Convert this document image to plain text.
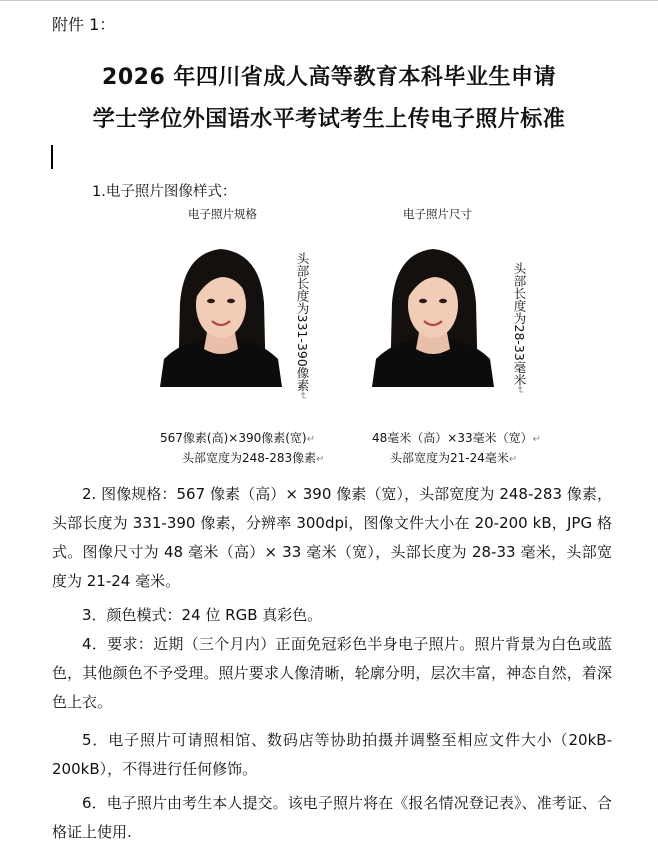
附件 1：
2026 年四川省成人高等教育本科毕业生申请
学士学位外国语水平考试考生上传电子照片标准
1.电子照片图像样式：
电子照片规格
头部长度为331-390像素↵
567像素(高)×390像素(宽)↵
头部宽度为248-283像素↵
电子照片尺寸
头部长度为28-33毫米↵
48毫米（高）×33毫米（宽）↵
头部宽度为21-24毫米↵
2. 图像规格：567 像素（高）× 390 像素（宽），头部宽度为 248-283 像素，头部长度为 331-390 像素，分辨率 300dpi，图像文件大小在 20-200 kB，JPG 格式。图像尺寸为 48 毫米（高）× 33 毫米（宽），头部长度为 28-33 毫米，头部宽度为 21-24 毫米。
3．颜色模式：24 位 RGB 真彩色。
4．要求：近期（三个月内）正面免冠彩色半身电子照片。照片背景为白色或蓝色，其他颜色不予受理。照片要求人像清晰，轮廓分明，层次丰富，神态自然，着深色上衣。
5．电子照片可请照相馆、数码店等协助拍摄并调整至相应文件大小（20kB-200kB），不得进行任何修饰。
6．电子照片由考生本人提交。该电子照片将在《报名情况登记表》、准考证、合格证上使用.
